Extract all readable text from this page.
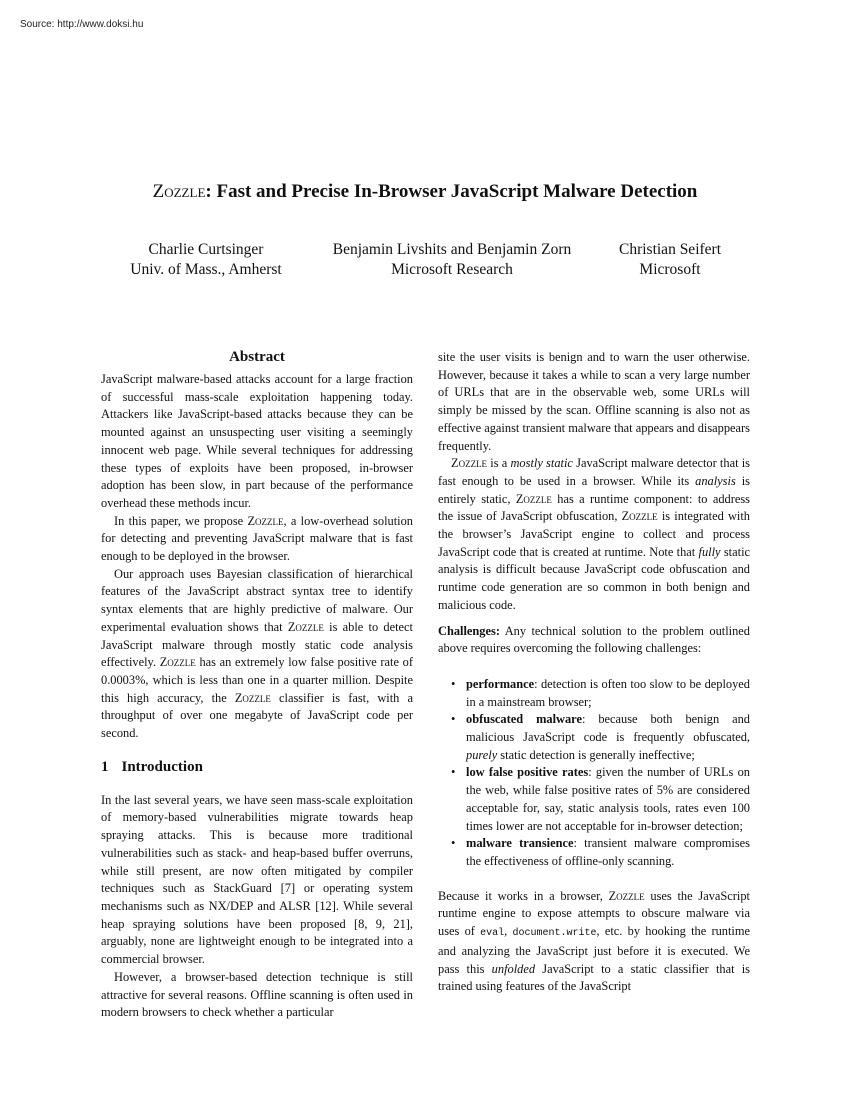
Source: http://www.doksi.hu
Zozzle: Fast and Precise In-Browser JavaScript Malware Detection
Charlie Curtsinger
Univ. of Mass., Amherst
Benjamin Livshits and Benjamin Zorn
Microsoft Research
Christian Seifert
Microsoft
Abstract

JavaScript malware-based attacks account for a large fraction of successful mass-scale exploitation happening today. Attackers like JavaScript-based attacks because they can be mounted against an unsuspecting user visiting a seemingly innocent web page. While several techniques for addressing these types of exploits have been proposed, in-browser adoption has been slow, in part because of the performance overhead these methods incur.

In this paper, we propose Zozzle, a low-overhead solution for detecting and preventing JavaScript malware that is fast enough to be deployed in the browser.

Our approach uses Bayesian classification of hierarchical features of the JavaScript abstract syntax tree to identify syntax elements that are highly predictive of malware. Our experimental evaluation shows that Zozzle is able to detect JavaScript malware through mostly static code analysis effectively. Zozzle has an extremely low false positive rate of 0.0003%, which is less than one in a quarter million. Despite this high accuracy, the Zozzle classifier is fast, with a throughput of over one megabyte of JavaScript code per second.

1 Introduction

In the last several years, we have seen mass-scale exploitation of memory-based vulnerabilities migrate towards heap spraying attacks. This is because more traditional vulnerabilities such as stack- and heap-based buffer overruns, while still present, are now often mitigated by compiler techniques such as StackGuard [7] or operating system mechanisms such as NX/DEP and ALSR [12]. While several heap spraying solutions have been proposed [8, 9, 21], arguably, none are lightweight enough to be integrated into a commercial browser.

However, a browser-based detection technique is still attractive for several reasons. Offline scanning is often used in modern browsers to check whether a particular

site the user visits is benign and to warn the user otherwise. However, because it takes a while to scan a very large number of URLs that are in the observable web, some URLs will simply be missed by the scan. Offline scanning is also not as effective against transient malware that appears and disappears frequently.

Zozzle is a mostly static JavaScript malware detector that is fast enough to be used in a browser. While its analysis is entirely static, Zozzle has a runtime component: to address the issue of JavaScript obfuscation, Zozzle is integrated with the browser’s JavaScript engine to collect and process JavaScript code that is created at runtime. Note that fully static analysis is difficult because JavaScript code obfuscation and runtime code generation are so common in both benign and malicious code.

Challenges: Any technical solution to the problem outlined above requires overcoming the following challenges:

• performance: detection is often too slow to be deployed in a mainstream browser;
• obfuscated malware: because both benign and malicious JavaScript code is frequently obfuscated, purely static detection is generally ineffective;
• low false positive rates: given the number of URLs on the web, while false positive rates of 5% are considered acceptable for, say, static analysis tools, rates even 100 times lower are not acceptable for in-browser detection;
• malware transience: transient malware compromises the effectiveness of offline-only scanning.

Because it works in a browser, Zozzle uses the JavaScript runtime engine to expose attempts to obscure malware via uses of eval, document.write, etc. by hooking the runtime and analyzing the JavaScript just before it is executed. We pass this unfolded JavaScript to a static classifier that is trained using features of the JavaScript
